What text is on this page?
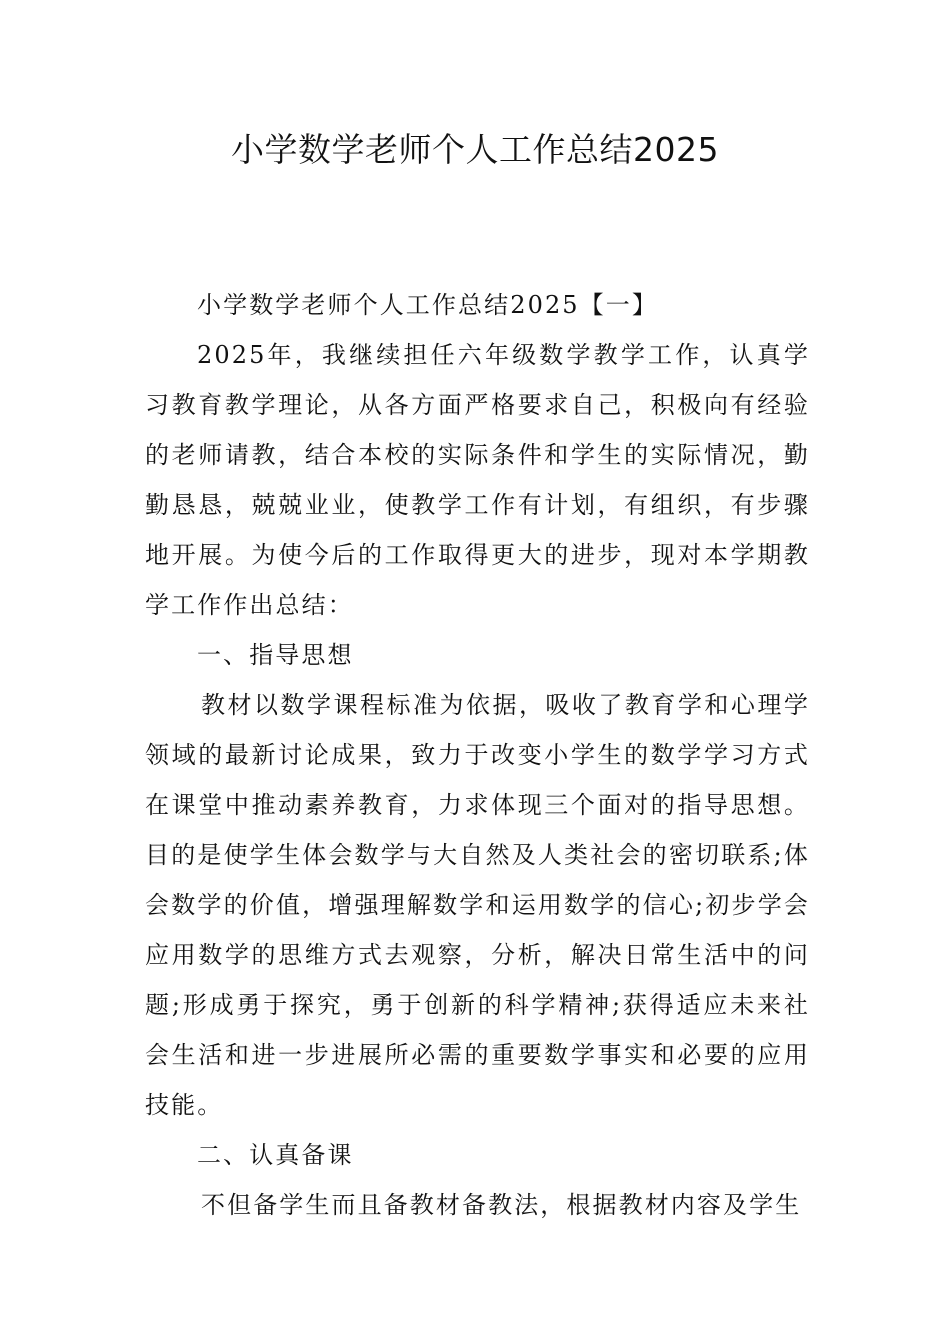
小学数学老师个人工作总结2025

小学数学老师个人工作总结2025【一】

2025年，我继续担任六年级数学教学工作，认真学习教育教学理论，从各方面严格要求自己，积极向有经验的老师请教，结合本校的实际条件和学生的实际情况，勤勤恳恳，兢兢业业，使教学工作有计划，有组织，有步骤地开展。为使今后的工作取得更大的进步，现对本学期教学工作作出总结：

一、指导思想

教材以数学课程标准为依据，吸收了教育学和心理学领域的最新讨论成果，致力于改变小学生的数学学习方式在课堂中推动素养教育，力求体现三个面对的指导思想。目的是使学生体会数学与大自然及人类社会的密切联系;体会数学的价值，增强理解数学和运用数学的信心;初步学会应用数学的思维方式去观察，分析，解决日常生活中的问题;形成勇于探究，勇于创新的科学精神;获得适应未来社会生活和进一步进展所必需的重要数学事实和必要的应用技能。

二、认真备课

不但备学生而且备教材备教法，根据教材内容及学生
